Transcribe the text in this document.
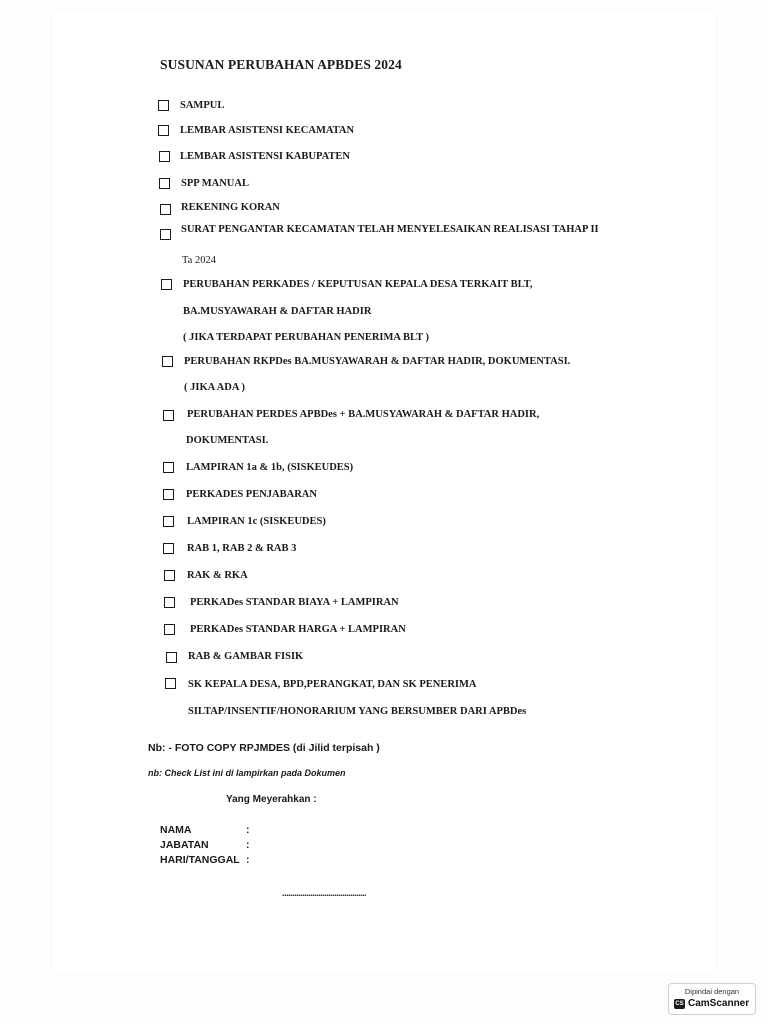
SUSUNAN PERUBAHAN APBDES 2024
SAMPUL
LEMBAR ASISTENSI KECAMATAN
LEMBAR ASISTENSI KABUPATEN
SPP MANUAL
REKENING KORAN
SURAT PENGANTAR KECAMATAN TELAH MENYELESAIKAN REALISASI TAHAP II
Ta 2024
PERUBAHAN PERKADES / KEPUTUSAN KEPALA DESA TERKAIT BLT,
BA.MUSYAWARAH & DAFTAR HADIR
( JIKA TERDAPAT PERUBAHAN PENERIMA BLT )
PERUBAHAN RKPDes BA.MUSYAWARAH & DAFTAR HADIR, DOKUMENTASI.
( JIKA ADA )
PERUBAHAN PERDES APBDes + BA.MUSYAWARAH & DAFTAR HADIR,
DOKUMENTASI.
LAMPIRAN 1a & 1b, (SISKEUDES)
PERKADES PENJABARAN
LAMPIRAN 1c (SISKEUDES)
RAB 1, RAB 2 & RAB 3
RAK & RKA
PERKADes STANDAR BIAYA + LAMPIRAN
PERKADes STANDAR HARGA + LAMPIRAN
RAB & GAMBAR FISIK
SK KEPALA DESA, BPD,PERANGKAT, DAN SK PENERIMA
SILTAP/INSENTIF/HONORARIUM YANG BERSUMBER DARI APBDes
Nb: - FOTO COPY RPJMDES (di Jilid terpisah )
nb: Check List ini di lampirkan pada Dokumen
Yang Meyerahkan :
NAMA	:
JABATAN	:
HARI/TANGGAL :
..........................................
Dipindai dengan
CS CamScanner
